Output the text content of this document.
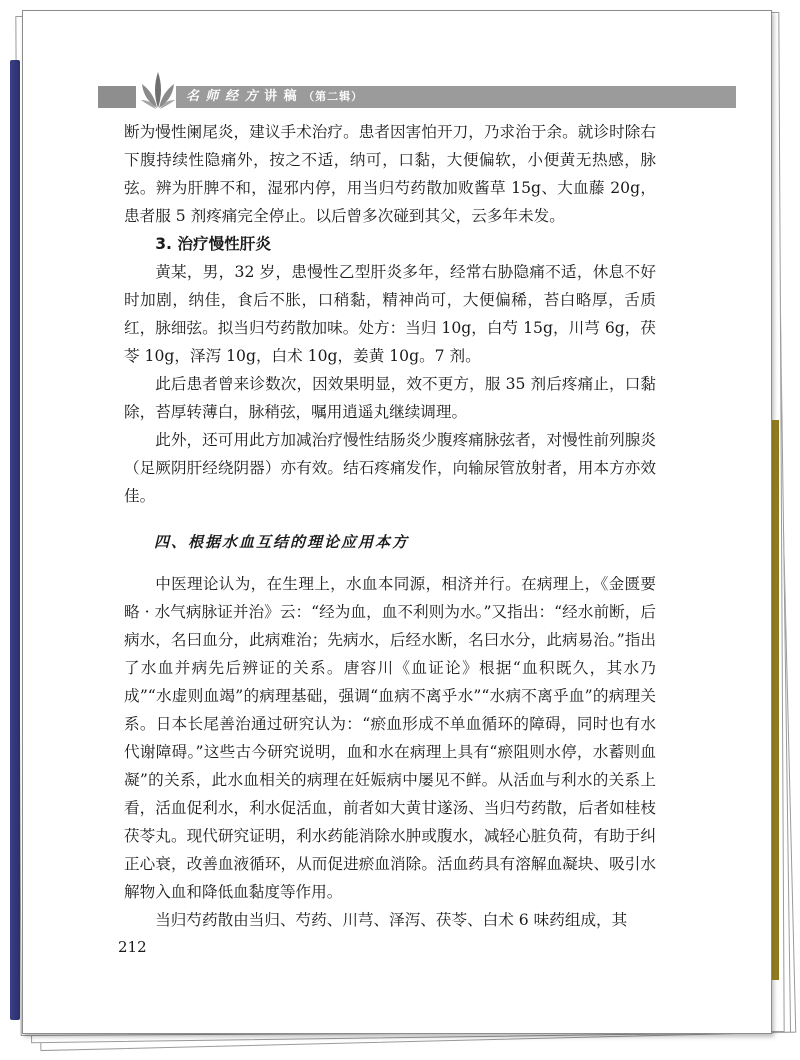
名 师 经 方 讲 稿 （第二辑）

断为慢性阑尾炎，建议手术治疗。患者因害怕开刀，乃求治于余。就诊时除右下腹持续性隐痛外，按之不适，纳可，口黏，大便偏软，小便黄无热感，脉弦。辨为肝脾不和，湿邪内停，用当归芍药散加败酱草 15g、大血藤 20g，患者服 5 剂疼痛完全停止。以后曾多次碰到其父，云多年未发。

3. 治疗慢性肝炎

黄某，男，32 岁，患慢性乙型肝炎多年，经常右胁隐痛不适，休息不好时加剧，纳佳，食后不胀，口稍黏，精神尚可，大便偏稀，苔白略厚，舌质红，脉细弦。拟当归芍药散加味。处方：当归 10g，白芍 15g，川芎 6g，茯苓 10g，泽泻 10g，白术 10g，姜黄 10g。7 剂。

此后患者曾来诊数次，因效果明显，效不更方，服 35 剂后疼痛止，口黏除，苔厚转薄白，脉稍弦，嘱用逍遥丸继续调理。

此外，还可用此方加减治疗慢性结肠炎少腹疼痛脉弦者，对慢性前列腺炎（足厥阴肝经绕阴器）亦有效。结石疼痛发作，向输尿管放射者，用本方亦效佳。

四、根据水血互结的理论应用本方

中医理论认为，在生理上，水血本同源，相济并行。在病理上，《金匮要略 · 水气病脉证并治》云：“经为血，血不利则为水。”又指出：“经水前断，后病水，名曰血分，此病难治；先病水，后经水断，名曰水分，此病易治。”指出了水血并病先后辨证的关系。唐容川《血证论》根据“血积既久，其水乃成”“水虚则血竭”的病理基础，强调“血病不离乎水”“水病不离乎血”的病理关系。日本长尾善治通过研究认为：“瘀血形成不单血循环的障碍，同时也有水代谢障碍。”这些古今研究说明，血和水在病理上具有“瘀阻则水停，水蓄则血凝”的关系，此水血相关的病理在妊娠病中屡见不鲜。从活血与利水的关系上看，活血促利水，利水促活血，前者如大黄甘遂汤、当归芍药散，后者如桂枝茯苓丸。现代研究证明，利水药能消除水肿或腹水，减轻心脏负荷，有助于纠正心衰，改善血液循环，从而促进瘀血消除。活血药具有溶解血凝块、吸引水解物入血和降低血黏度等作用。

当归芍药散由当归、芍药、川芎、泽泻、茯苓、白术 6 味药组成，其

212
